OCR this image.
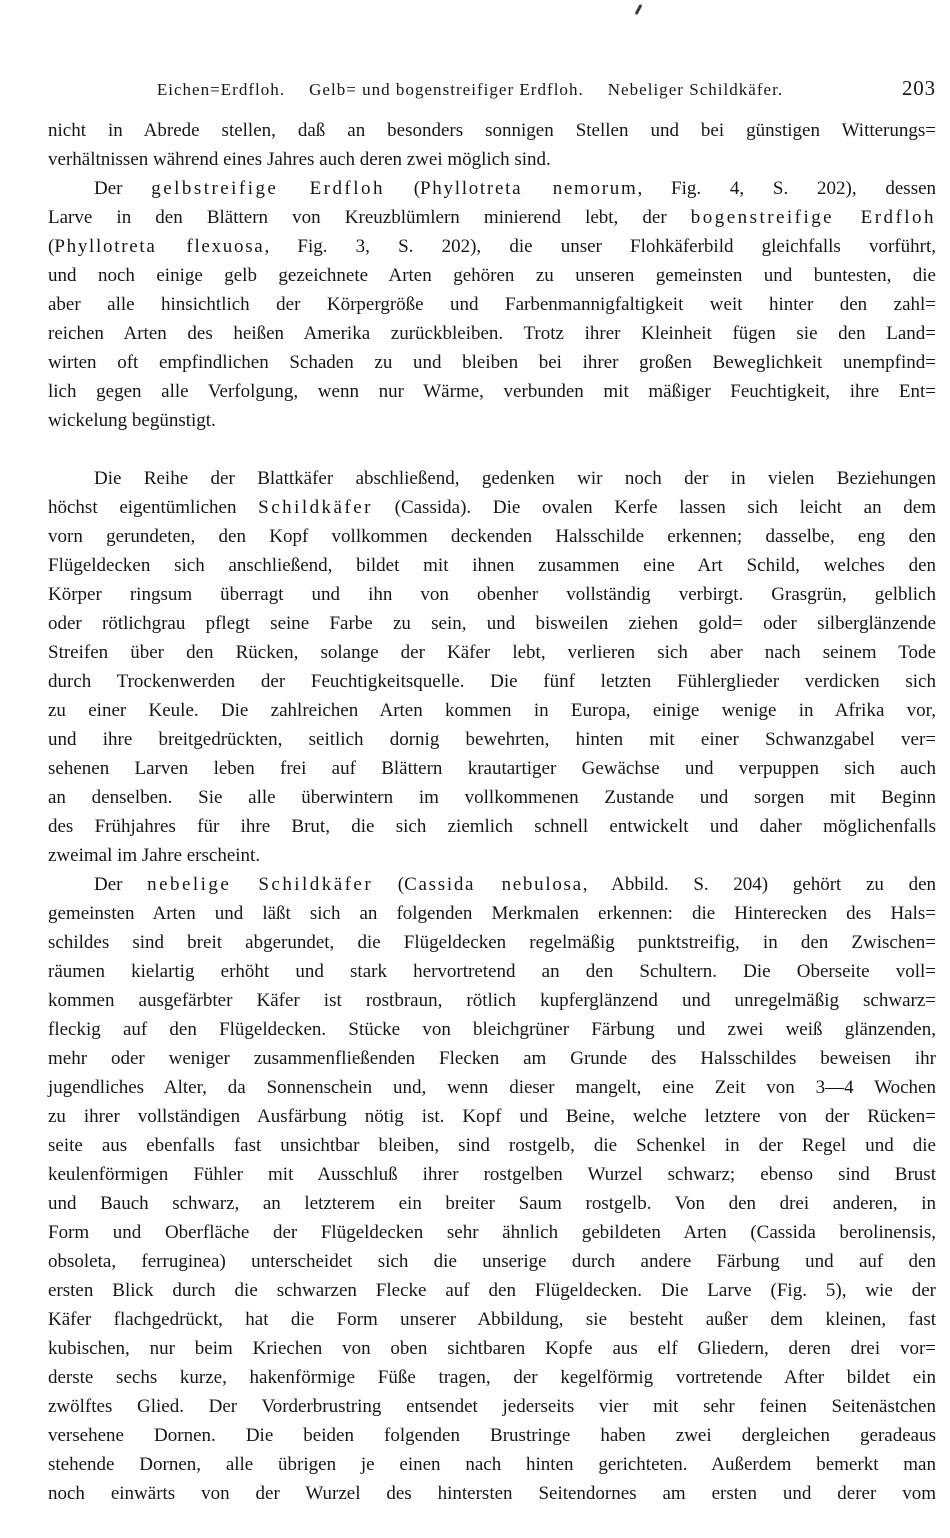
Eichen=Erdfloh. Gelb= und bogenstreifiger Erdfloh. Nebeliger Schildkäfer.	203
nicht in Abrede stellen, daß an besonders sonnigen Stellen und bei günstigen Witterungs=
verhältnissen während eines Jahres auch deren zwei möglich sind.
Der gelbstreifige Erdfloh (Phyllotreta nemorum, Fig. 4, S. 202), dessen
Larve in den Blättern von Kreuzblümlern minierend lebt, der bogenstreifige Erdfloh
(Phyllotreta flexuosa, Fig. 3, S. 202), die unser Flohkäferbild gleichfalls vorführt,
und noch einige gelb gezeichnete Arten gehören zu unseren gemeinsten und buntesten, die
aber alle hinsichtlich der Körpergröße und Farbenmannigfaltigkeit weit hinter den zahl=
reichen Arten des heißen Amerika zurückbleiben. Trotz ihrer Kleinheit fügen sie den Land=
wirten oft empfindlichen Schaden zu und bleiben bei ihrer großen Beweglichkeit unempfind=
lich gegen alle Verfolgung, wenn nur Wärme, verbunden mit mäßiger Feuchtigkeit, ihre Ent=
wickelung begünstigt.
Die Reihe der Blattkäfer abschließend, gedenken wir noch der in vielen Beziehungen
höchst eigentümlichen Schildkäfer (Cassida). Die ovalen Kerfe lassen sich leicht an dem
vorn gerundeten, den Kopf vollkommen deckenden Halsschilde erkennen; dasselbe, eng den
Flügeldecken sich anschließend, bildet mit ihnen zusammen eine Art Schild, welches den
Körper ringsum überragt und ihn von obenher vollständig verbirgt. Grasgrün, gelblich
oder rötlichgrau pflegt seine Farbe zu sein, und bisweilen ziehen gold= oder silberglänzende
Streifen über den Rücken, solange der Käfer lebt, verlieren sich aber nach seinem Tode
durch Trockenwerden der Feuchtigkeitsquelle. Die fünf letzten Fühlerglieder verdicken sich
zu einer Keule. Die zahlreichen Arten kommen in Europa, einige wenige in Afrika vor,
und ihre breitgedrückten, seitlich dornig bewehrten, hinten mit einer Schwanzgabel ver=
sehenen Larven leben frei auf Blättern krautartiger Gewächse und verpuppen sich auch
an denselben. Sie alle überwintern im vollkommenen Zustande und sorgen mit Beginn
des Frühjahres für ihre Brut, die sich ziemlich schnell entwickelt und daher möglichenfalls
zweimal im Jahre erscheint.
Der nebelige Schildkäfer (Cassida nebulosa, Abbild. S. 204) gehört zu den
gemeinsten Arten und läßt sich an folgenden Merkmalen erkennen: die Hinterecken des Hals=
schildes sind breit abgerundet, die Flügeldecken regelmäßig punktstreifig, in den Zwischen=
räumen kielartig erhöht und stark hervortretend an den Schultern. Die Oberseite voll=
kommen ausgefärbter Käfer ist rostbraun, rötlich kupferglänzend und unregelmäßig schwarz=
fleckig auf den Flügeldecken. Stücke von bleichgrüner Färbung und zwei weiß glänzenden,
mehr oder weniger zusammenfließenden Flecken am Grunde des Halsschildes beweisen ihr
jugendliches Alter, da Sonnenschein und, wenn dieser mangelt, eine Zeit von 3—4 Wochen
zu ihrer vollständigen Ausfärbung nötig ist. Kopf und Beine, welche letztere von der Rücken=
seite aus ebenfalls fast unsichtbar bleiben, sind rostgelb, die Schenkel in der Regel und die
keulenförmigen Fühler mit Ausschluß ihrer rostgelben Wurzel schwarz; ebenso sind Brust
und Bauch schwarz, an letzterem ein breiter Saum rostgelb. Von den drei anderen, in
Form und Oberfläche der Flügeldecken sehr ähnlich gebildeten Arten (Cassida berolinensis,
obsoleta, ferruginea) unterscheidet sich die unserige durch andere Färbung und auf den
ersten Blick durch die schwarzen Flecke auf den Flügeldecken. Die Larve (Fig. 5), wie der
Käfer flachgedrückt, hat die Form unserer Abbildung, sie besteht außer dem kleinen, fast
kubischen, nur beim Kriechen von oben sichtbaren Kopfe aus elf Gliedern, deren drei vor=
derste sechs kurze, hakenförmige Füße tragen, der kegelförmig vortretende After bildet ein
zwölftes Glied. Der Vorderbrustring entsendet jederseits vier mit sehr feinen Seitenästchen
versehene Dornen. Die beiden folgenden Brustringe haben zwei dergleichen geradeaus
stehende Dornen, alle übrigen je einen nach hinten gerichteten. Außerdem bemerkt man
noch einwärts von der Wurzel des hintersten Seitendornes am ersten und derer vom
